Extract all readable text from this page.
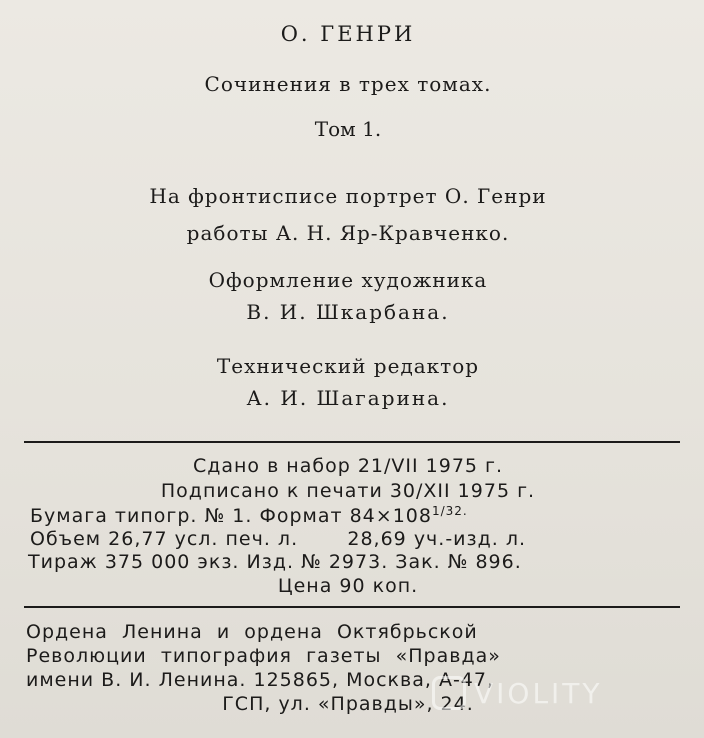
О. ГЕНРИ
Сочинения в трех томах.
Том 1.
На фронтисписе портрет О. Генри
работы А. Н. Яр-Кравченко.
Оформление художника
В. И. Шкарбана.
Технический редактор
А. И. Шагарина.
Сдано в набор 21/VII 1975 г.
Подписано к печати 30/XII 1975 г.
Бумага типогр. № 1. Формат $84\times 108^{1/32.}$
Объем 26,77 усл. печ. л.       28,69 уч.-изд. л.
Тираж 375 000 экз. Изд. № 2973. Зак. № 896.
Цена 90 коп.
Ордена  Ленина  и  ордена  Октябрьской
Революции  типография  газеты  «Правда»
имени В. И. Ленина. 125865, Москва, А-47,
ГСП, ул. «Правды», 24. VIOLITY
